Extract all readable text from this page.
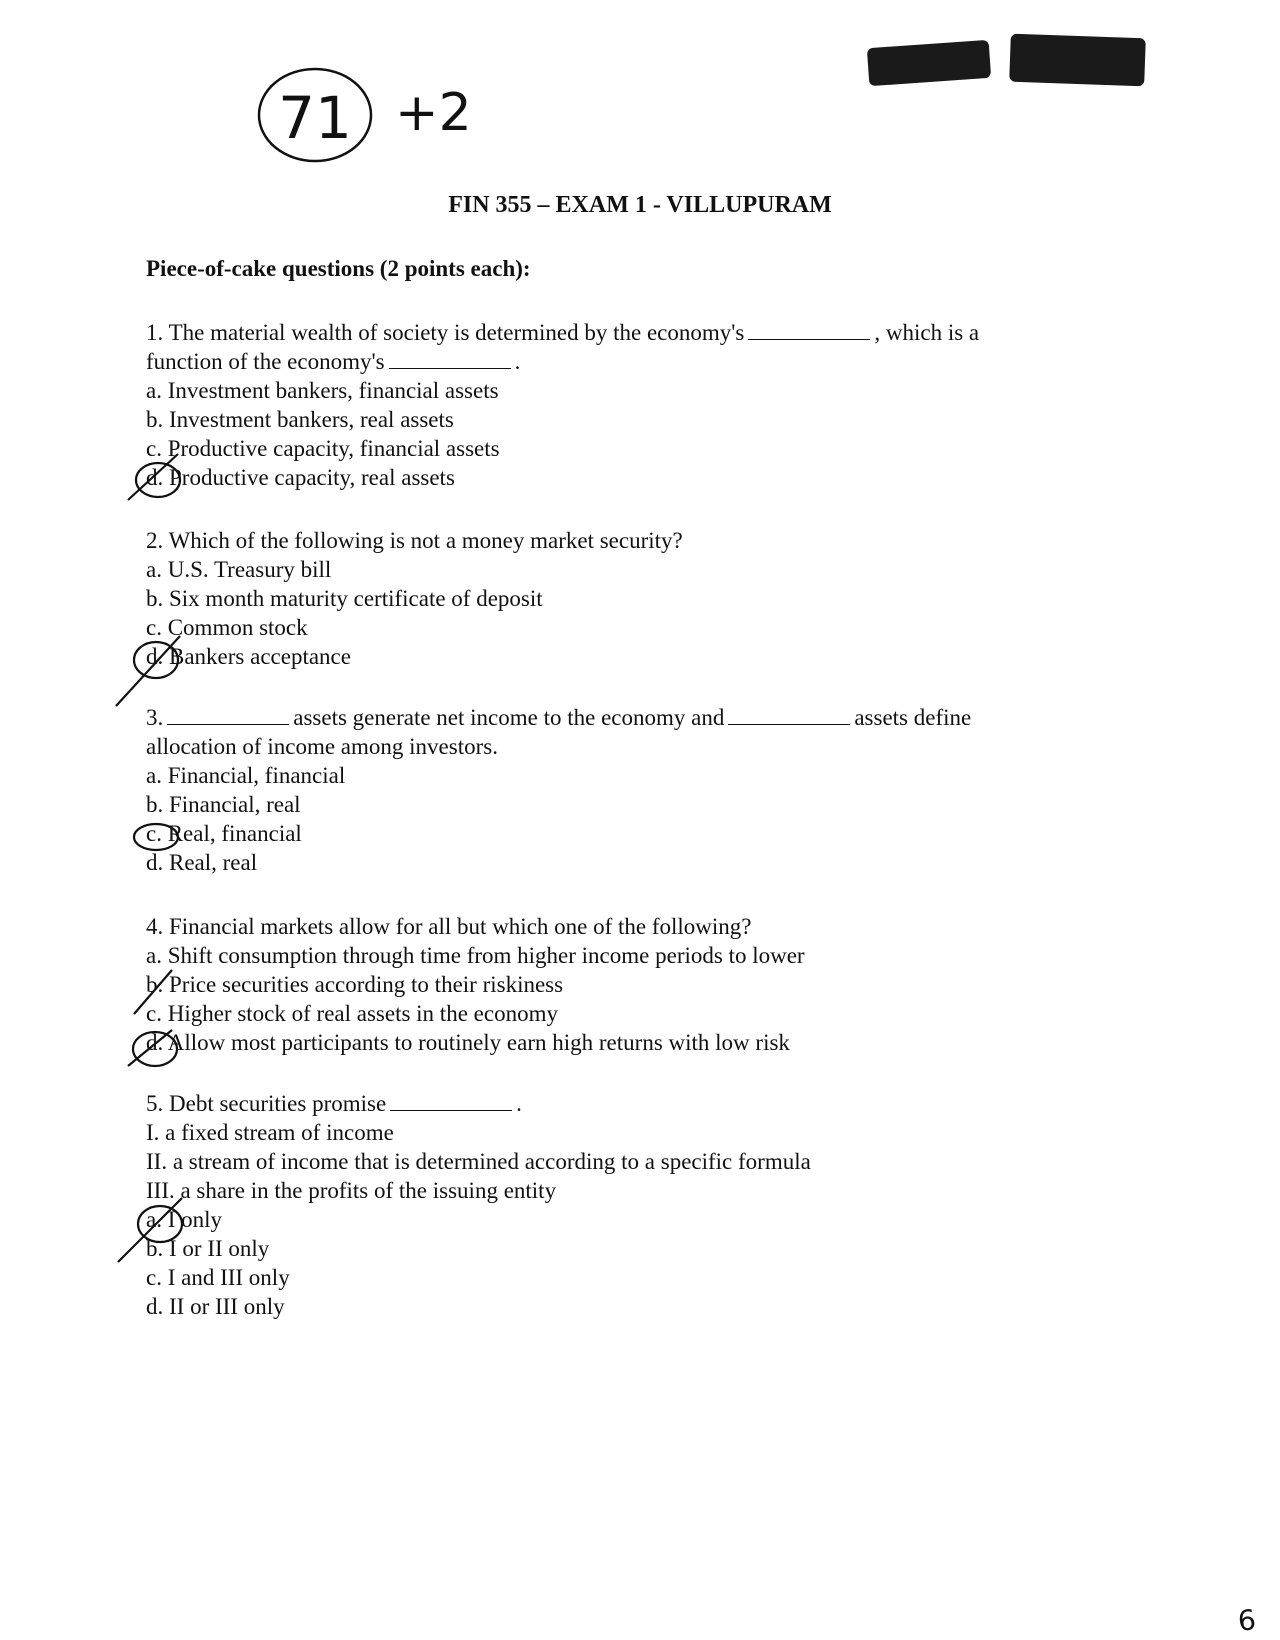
71 +2
FIN 355 – EXAM 1 - VILLUPURAM
Piece-of-cake questions (2 points each):

1. The material wealth of society is determined by the economy's	, which is a

function of the economy's	.

a. Investment bankers, financial assets

b. Investment bankers, real assets

c. Productive capacity, financial assets

d. Productive capacity, real assets

2. Which of the following is not a money market security?

a. U.S. Treasury bill

b. Six month maturity certificate of deposit

c. Common stock

d. Bankers acceptance

3.	assets generate net income to the economy and	assets define

allocation of income among investors.

a. Financial, financial

b. Financial, real

c. Real, financial

d. Real, real

4. Financial markets allow for all but which one of the following?

a. Shift consumption through time from higher income periods to lower

b. Price securities according to their riskiness

c. Higher stock of real assets in the economy

d. Allow most participants to routinely earn high returns with low risk

5. Debt securities promise	.

I. a fixed stream of income

II. a stream of income that is determined according to a specific formula

III. a share in the profits of the issuing entity

a. I only

b. I or II only

c. I and III only

d. II or III only

6
